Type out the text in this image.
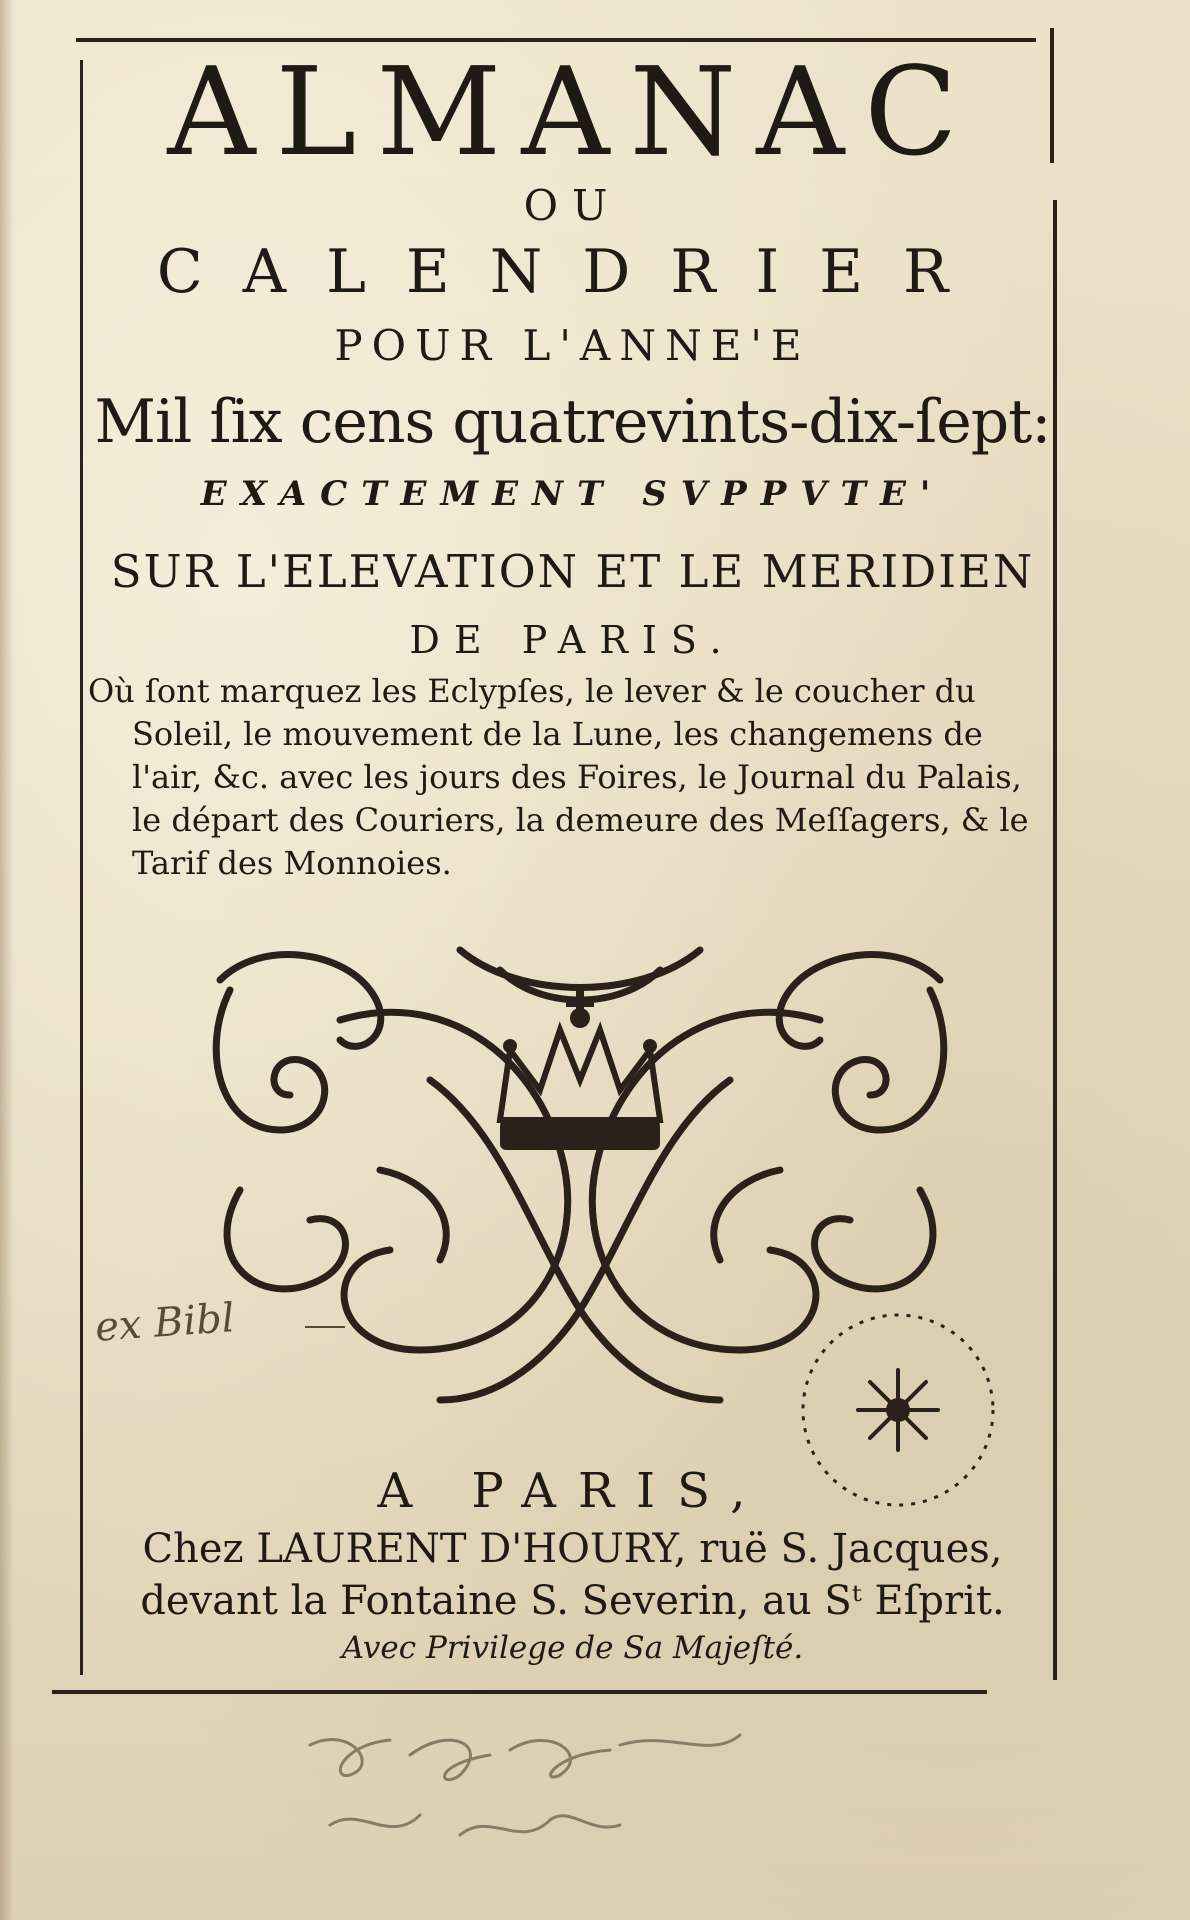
ALMANAC

OU

CALENDRIER

POUR L'ANNE'E

Mil ſix cens quatrevints-dix-ſept:

EXACTEMENT SVPPVTE'

SUR L'ELEVATION ET LE MERIDIEN

DE PARIS.

Où ſont marquez les Eclypſes, le lever & le coucher du
Soleil, le mouvement de la Lune, les changemens de
l'air, &c. avec les jours des Foires, le Journal du Palais,
le départ des Couriers, la demeure des Meſſagers, & le
Tarif des Monnoies.
ex Bibl

A PARIS,

Chez LAURENT D'HOURY, ruë S. Jacques,

devant la Fontaine S. Severin, au Sᵗ Eſprit.

Avec Privilege de Sa Majeſté.
